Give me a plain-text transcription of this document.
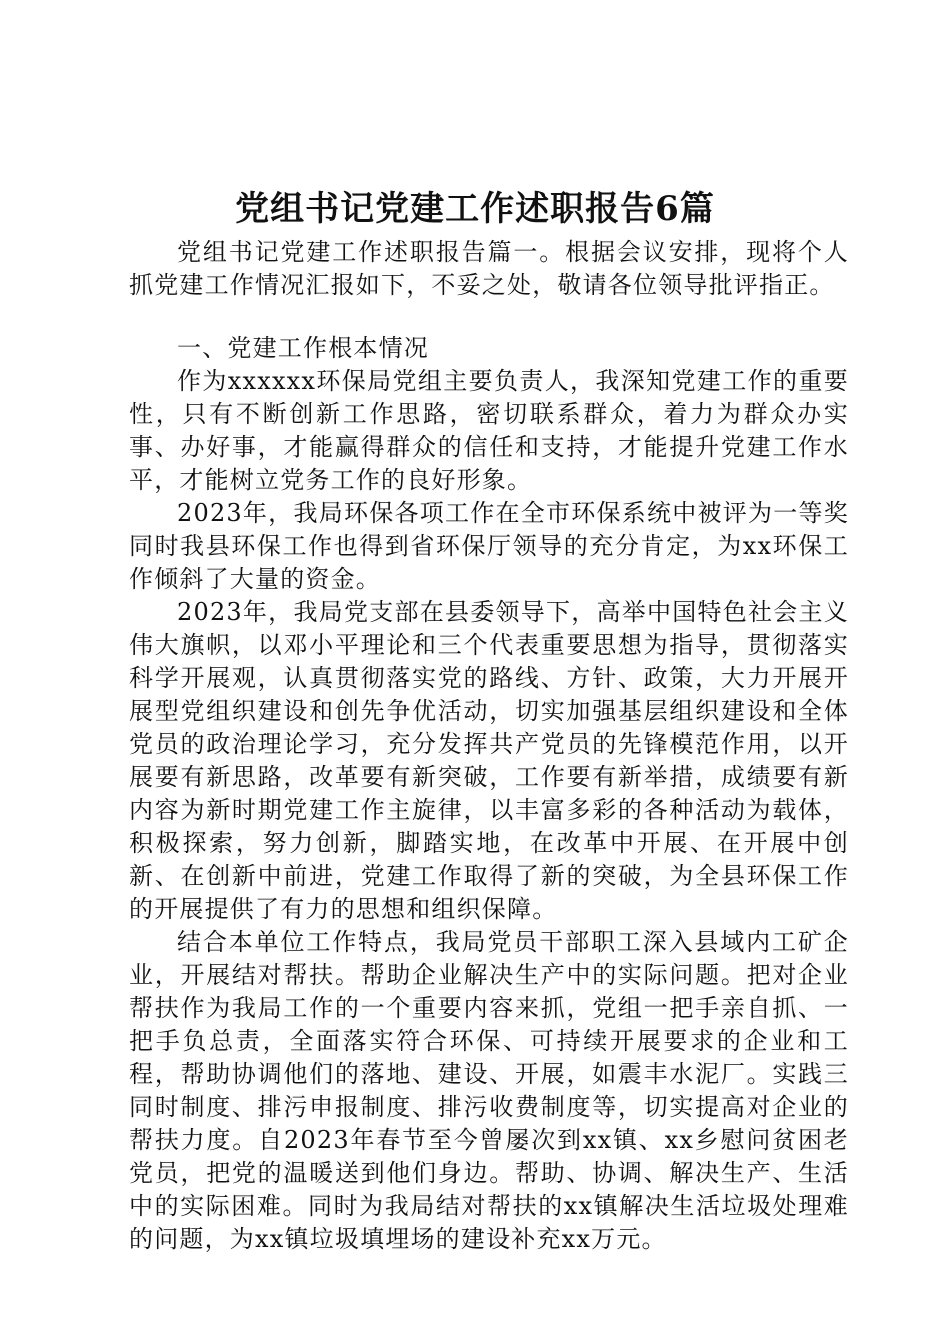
党组书记党建工作述职报告6篇

党组书记党建工作述职报告篇一。根据会议安排，现将个人抓党建工作情况汇报如下，不妥之处，敬请各位领导批评指正。

一、党建工作根本情况

作为xxxxxx环保局党组主要负责人，我深知党建工作的重要性，只有不断创新工作思路，密切联系群众，着力为群众办实事、办好事，才能赢得群众的信任和支持，才能提升党建工作水平，才能树立党务工作的良好形象。

2023年，我局环保各项工作在全市环保系统中被评为一等奖同时我县环保工作也得到省环保厅领导的充分肯定，为xx环保工作倾斜了大量的资金。

2023年，我局党支部在县委领导下，高举中国特色社会主义伟大旗帜，以邓小平理论和三个代表重要思想为指导，贯彻落实科学开展观，认真贯彻落实党的路线、方针、政策，大力开展开展型党组织建设和创先争优活动，切实加强基层组织建设和全体党员的政治理论学习，充分发挥共产党员的先锋模范作用，以开展要有新思路，改革要有新突破，工作要有新举措，成绩要有新内容为新时期党建工作主旋律，以丰富多彩的各种活动为载体，积极探索，努力创新，脚踏实地，在改革中开展、在开展中创新、在创新中前进，党建工作取得了新的突破，为全县环保工作的开展提供了有力的思想和组织保障。

结合本单位工作特点，我局党员干部职工深入县域内工矿企业，开展结对帮扶。帮助企业解决生产中的实际问题。把对企业帮扶作为我局工作的一个重要内容来抓，党组一把手亲自抓、一把手负总责，全面落实符合环保、可持续开展要求的企业和工程，帮助协调他们的落地、建设、开展，如震丰水泥厂。实践三同时制度、排污申报制度、排污收费制度等，切实提高对企业的帮扶力度。自2023年春节至今曾屡次到xx镇、xx乡慰问贫困老党员，把党的温暖送到他们身边。帮助、协调、解决生产、生活中的实际困难。同时为我局结对帮扶的xx镇解决生活垃圾处理难的问题，为xx镇垃圾填埋场的建设补充xx万元。
